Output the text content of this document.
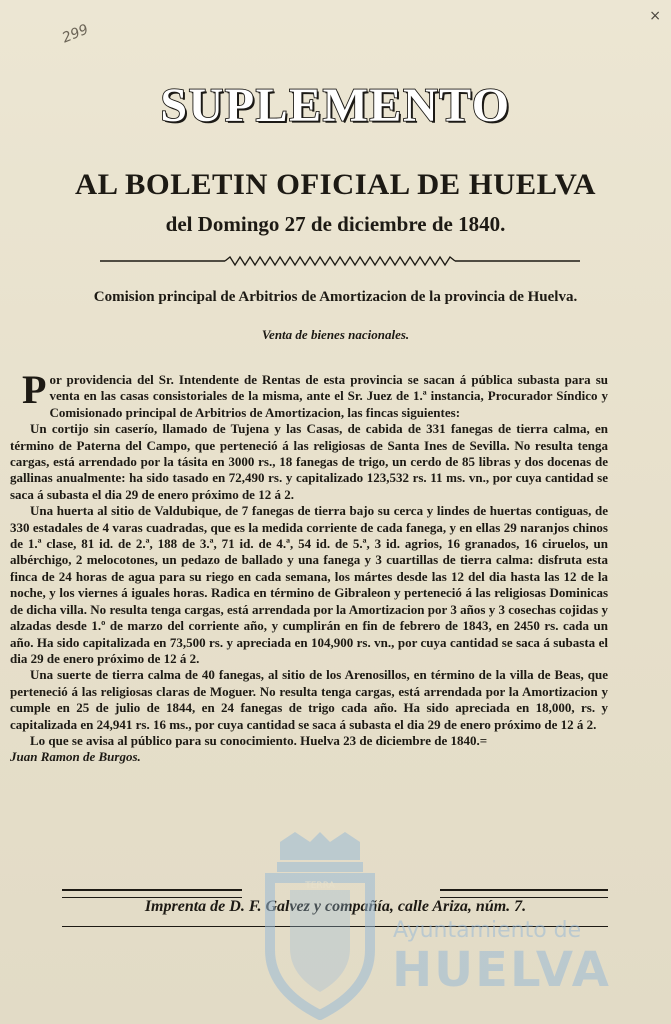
299
×
SUPLEMENTO
AL BOLETIN OFICIAL DE HUELVA
del Domingo 27 de diciembre de 1840.
Comision principal de Arbitrios de Amortizacion de la provincia de Huelva.
Venta de bienes nacionales.

Por providencia del Sr. Intendente de Rentas de esta provincia se sacan á pública subasta para su venta en las casas consistoriales de la misma, ante el Sr. Juez de 1.ª instancia, Procurador Síndico y Comisionado principal de Arbitrios de Amortizacion, las fincas siguientes:

Un cortijo sin caserío, llamado de Tujena y las Casas, de cabida de 331 fanegas de tierra calma, en término de Paterna del Campo, que perteneció á las religiosas de Santa Ines de Sevilla. No resulta tenga cargas, está arrendado por la tásita en 3000 rs., 18 fanegas de trigo, un cerdo de 85 libras y dos docenas de gallinas anualmente: ha sido tasado en 72,490 rs. y capitalizado 123,532 rs. 11 ms. vn., por cuya cantidad se saca á subasta el dia 29 de enero próximo de 12 á 2.

Una huerta al sitio de Valdubique, de 7 fanegas de tierra bajo su cerca y lindes de huertas contiguas, de 330 estadales de 4 varas cuadradas, que es la medida corriente de cada fanega, y en ellas 29 naranjos chinos de 1.ª clase, 81 id. de 2.ª, 188 de 3.ª, 71 id. de 4.ª, 54 id. de 5.ª, 3 id. agrios, 16 granados, 16 ciruelos, un albérchigo, 2 melocotones, un pedazo de ballado y una fanega y 3 cuartillas de tierra calma: disfruta esta finca de 24 horas de agua para su riego en cada semana, los mártes desde las 12 del dia hasta las 12 de la noche, y los viernes á iguales horas. Radica en término de Gibraleon y perteneció á las religiosas Dominicas de dicha villa. No resulta tenga cargas, está arrendada por la Amortizacion por 3 años y 3 cosechas cojidas y alzadas desde 1.º de marzo del corriente año, y cumplirán en fin de febrero de 1843, en 2450 rs. cada un año. Ha sido capitalizada en 73,500 rs. y apreciada en 104,900 rs. vn., por cuya cantidad se saca á subasta el dia 29 de enero próximo de 12 á 2.

Una suerte de tierra calma de 40 fanegas, al sitio de los Arenosillos, en término de la villa de Beas, que perteneció á las religiosas claras de Moguer. No resulta tenga cargas, está arrendada por la Amortizacion y cumple en 25 de julio de 1844, en 24 fanegas de trigo cada año. Ha sido apreciada en 18,000, rs. y capitalizada en 24,941 rs. 16 ms., por cuya cantidad se saca á subasta el dia 29 de enero próximo de 12 á 2.

Lo que se avisa al público para su conocimiento. Huelva 23 de diciembre de 1840.=

Juan Ramon de Burgos.
Imprenta de D. F. Galvez y compañía, calle Ariza, núm. 7.
TERRA
Ayuntamiento de
HUELVA
